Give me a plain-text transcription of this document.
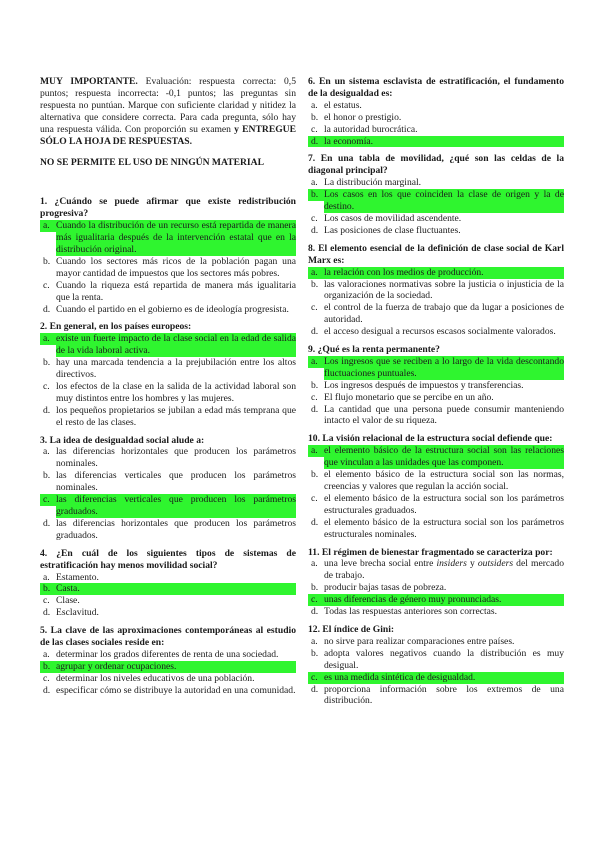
MUY IMPORTANTE. Evaluación: respuesta correcta: 0,5 puntos; respuesta incorrecta: -0,1 puntos; las preguntas sin respuesta no puntúan. Marque con suficiente claridad y nitidez la alternativa que considere correcta. Para cada pregunta, sólo hay una respuesta válida. Con proporción su examen y ENTREGUE SÓLO LA HOJA DE RESPUESTAS.

NO SE PERMITE EL USO DE NINGÚN MATERIAL

1. ¿Cuándo se puede afirmar que existe redistribución progresiva?
a. Cuando la distribución de un recurso está repartida de manera más igualitaria después de la intervención estatal que en la distribución original.
b. Cuando los sectores más ricos de la población pagan una mayor cantidad de impuestos que los sectores más pobres.
c. Cuando la riqueza está repartida de manera más igualitaria que la renta.
d. Cuando el partido en el gobierno es de ideología progresista.
2. En general, en los países europeos:
a. existe un fuerte impacto de la clase social en la edad de salida de la vida laboral activa.
b. hay una marcada tendencia a la prejubilación entre los altos directivos.
c. los efectos de la clase en la salida de la actividad laboral son muy distintos entre los hombres y las mujeres.
d. los pequeños propietarios se jubilan a edad más temprana que el resto de las clases.
3. La idea de desigualdad social alude a:
a. las diferencias horizontales que producen los parámetros nominales.
b. las diferencias verticales que producen los parámetros nominales.
c. las diferencias verticales que producen los parámetros graduados.
d. las diferencias horizontales que producen los parámetros graduados.
4. ¿En cuál de los siguientes tipos de sistemas de estratificación hay menos movilidad social?
a. Estamento.
b. Casta.
c. Clase.
d. Esclavitud.
5. La clave de las aproximaciones contemporáneas al estudio de las clases sociales reside en:
a. determinar los grados diferentes de renta de una sociedad.
b. agrupar y ordenar ocupaciones.
c. determinar los niveles educativos de una población.
d. especificar cómo se distribuye la autoridad en una comunidad.
6. En un sistema esclavista de estratificación, el fundamento de la desigualdad es:
a. el estatus.
b. el honor o prestigio.
c. la autoridad burocrática.
d. la economía.
7. En una tabla de movilidad, ¿qué son las celdas de la diagonal principal?
a. La distribución marginal.
b. Los casos en los que coinciden la clase de origen y la de destino.
c. Los casos de movilidad ascendente.
d. Las posiciones de clase fluctuantes.
8. El elemento esencial de la definición de clase social de Karl Marx es:
a. la relación con los medios de producción.
b. las valoraciones normativas sobre la justicia o injusticia de la organización de la sociedad.
c. el control de la fuerza de trabajo que da lugar a posiciones de autoridad.
d. el acceso desigual a recursos escasos socialmente valorados.
9. ¿Qué es la renta permanente?
a. Los ingresos que se reciben a lo largo de la vida descontando fluctuaciones puntuales.
b. Los ingresos después de impuestos y transferencias.
c. El flujo monetario que se percibe en un año.
d. La cantidad que una persona puede consumir manteniendo intacto el valor de su riqueza.
10. La visión relacional de la estructura social defiende que:
a. el elemento básico de la estructura social son las relaciones que vinculan a las unidades que las componen.
b. el elemento básico de la estructura social son las normas, creencias y valores que regulan la acción social.
c. el elemento básico de la estructura social son los parámetros estructurales graduados.
d. el elemento básico de la estructura social son los parámetros estructurales nominales.
11. El régimen de bienestar fragmentado se caracteriza por:
a. una leve brecha social entre insiders y outsiders del mercado de trabajo.
b. producir bajas tasas de pobreza.
c. unas diferencias de género muy pronunciadas.
d. Todas las respuestas anteriores son correctas.
12. El índice de Gini:
a. no sirve para realizar comparaciones entre países.
b. adopta valores negativos cuando la distribución es muy desigual.
c. es una medida sintética de desigualdad.
d. proporciona información sobre los extremos de una distribución.
